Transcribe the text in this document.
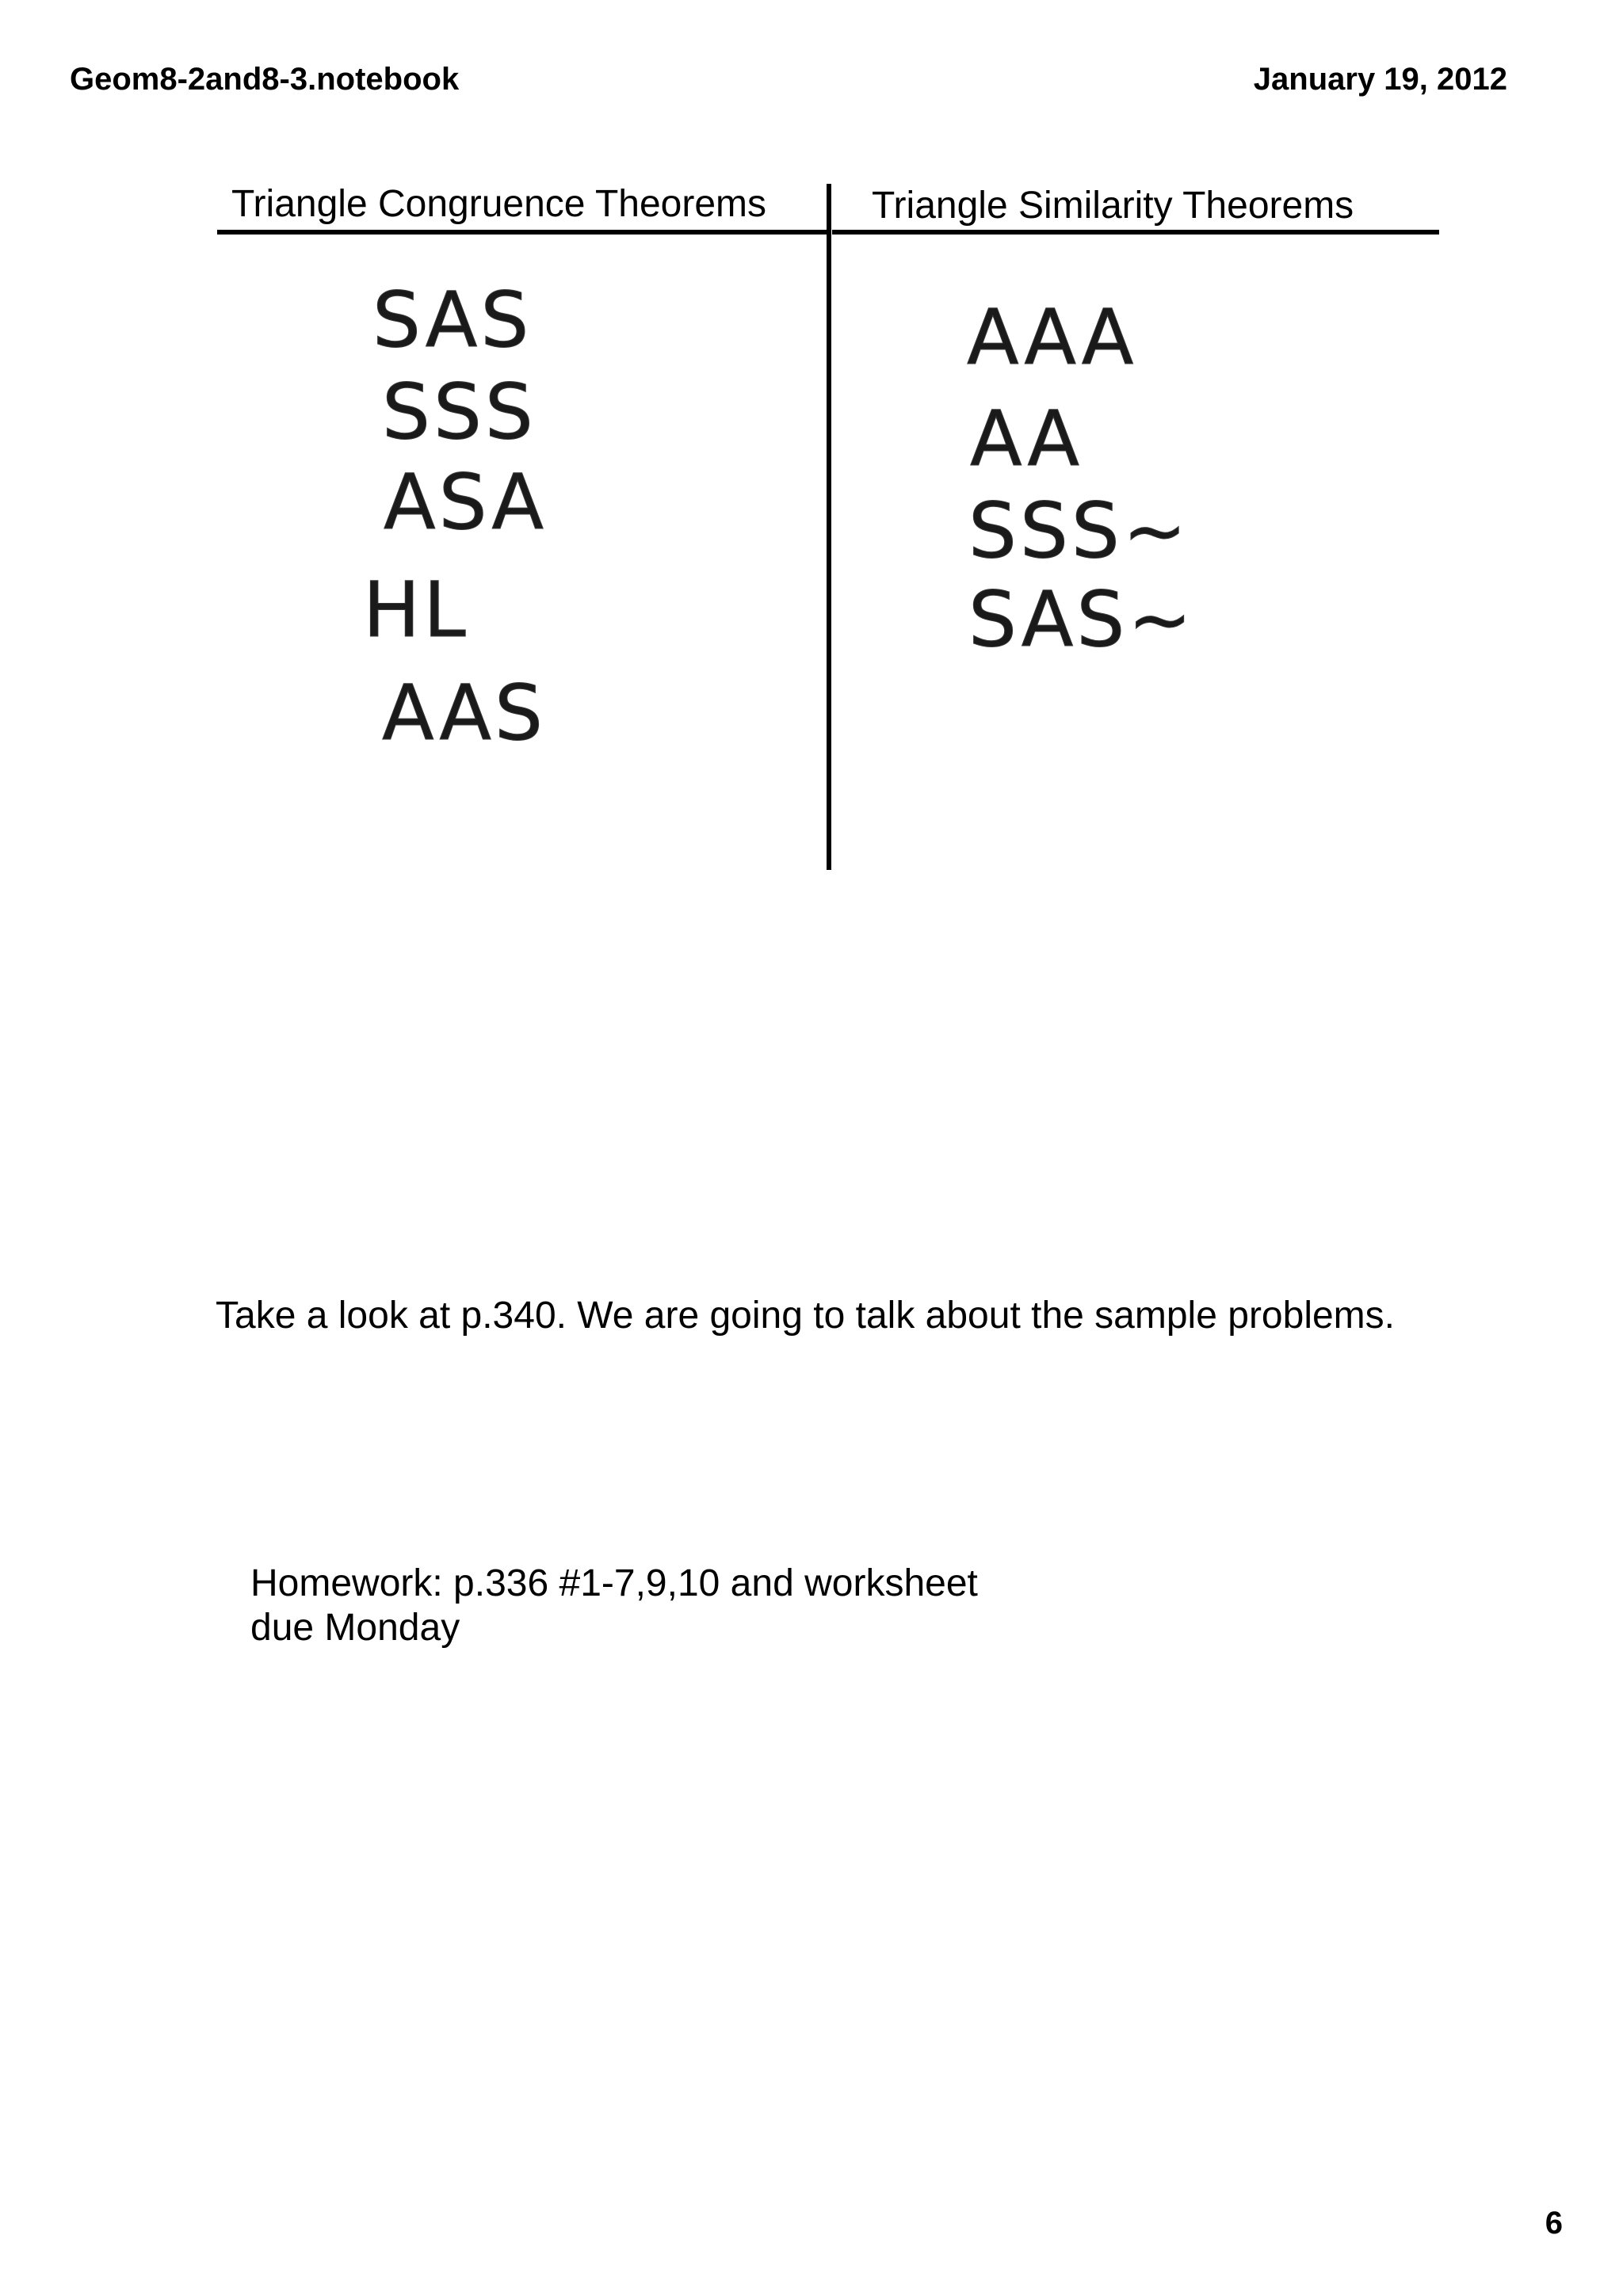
Geom8-2and8-3.notebook	January 19, 2012
Triangle Congruence Theorems	Triangle Similarity Theorems
SAS
SSS
ASA
HL
AAS
AAA
AA
SSS~
SAS~
Take a look at p.340. We are going to talk about the sample problems.
Homework: p.336 #1-7,9,10 and worksheet
due Monday
6
